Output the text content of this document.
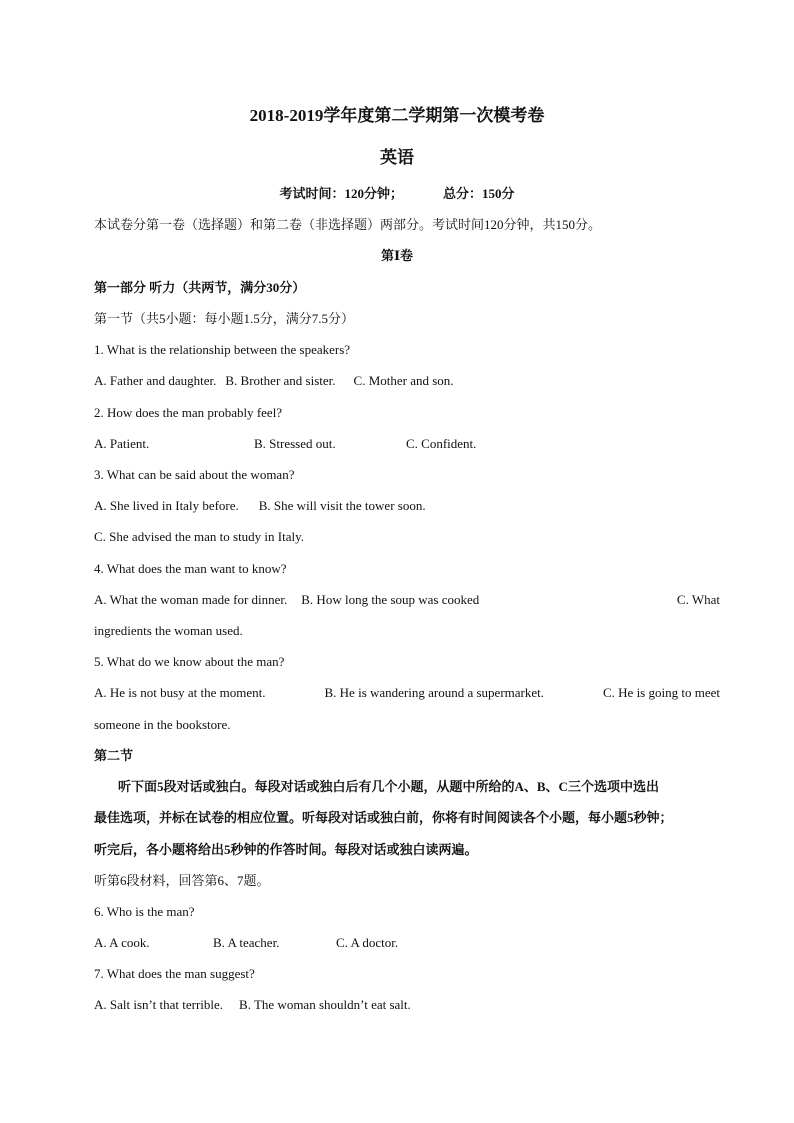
2018-2019学年度第二学期第一次模考卷
英语
考试时间：120分钟；	总分：150分
本试卷分第一卷（选择题）和第二卷（非选择题）两部分。考试时间120分钟，共150分。
第Ⅰ卷
第一部分 听力（共两节，满分30分）
第一节（共5小题：每小题1.5分，满分7.5分）
1. What is the relationship between the speakers?
A. Father and daughter. B. Brother and sister. C. Mother and son.
2. How does the man probably feel?
A. Patient.	B. Stressed out.	C. Confident.
3. What can be said about the woman?
A. She lived in Italy before. B. She will visit the tower soon.
C. She advised the man to study in Italy.
4. What does the man want to know?
A. What the woman made for dinner. B. How long the soup was cooked	C. What
ingredients the woman used.
5. What do we know about the man?
A. He is not busy at the moment.	B. He is wandering around a supermarket.	C. He is going to meet
someone in the bookstore.
第二节
听下面5段对话或独白。每段对话或独白后有几个小题，从题中所给的A、B、C三个选项中选出
最佳选项，并标在试卷的相应位置。听每段对话或独白前，你将有时间阅读各个小题，每小题5秒钟；
听完后，各小题将给出5秒钟的作答时间。每段对话或独白读两遍。
听第6段材料，回答第6、7题。
6. Who is the man?
A. A cook.	B. A teacher.	C. A doctor.
7. What does the man suggest?
A. Salt isn’t that terrible. B. The woman shouldn’t eat salt.
